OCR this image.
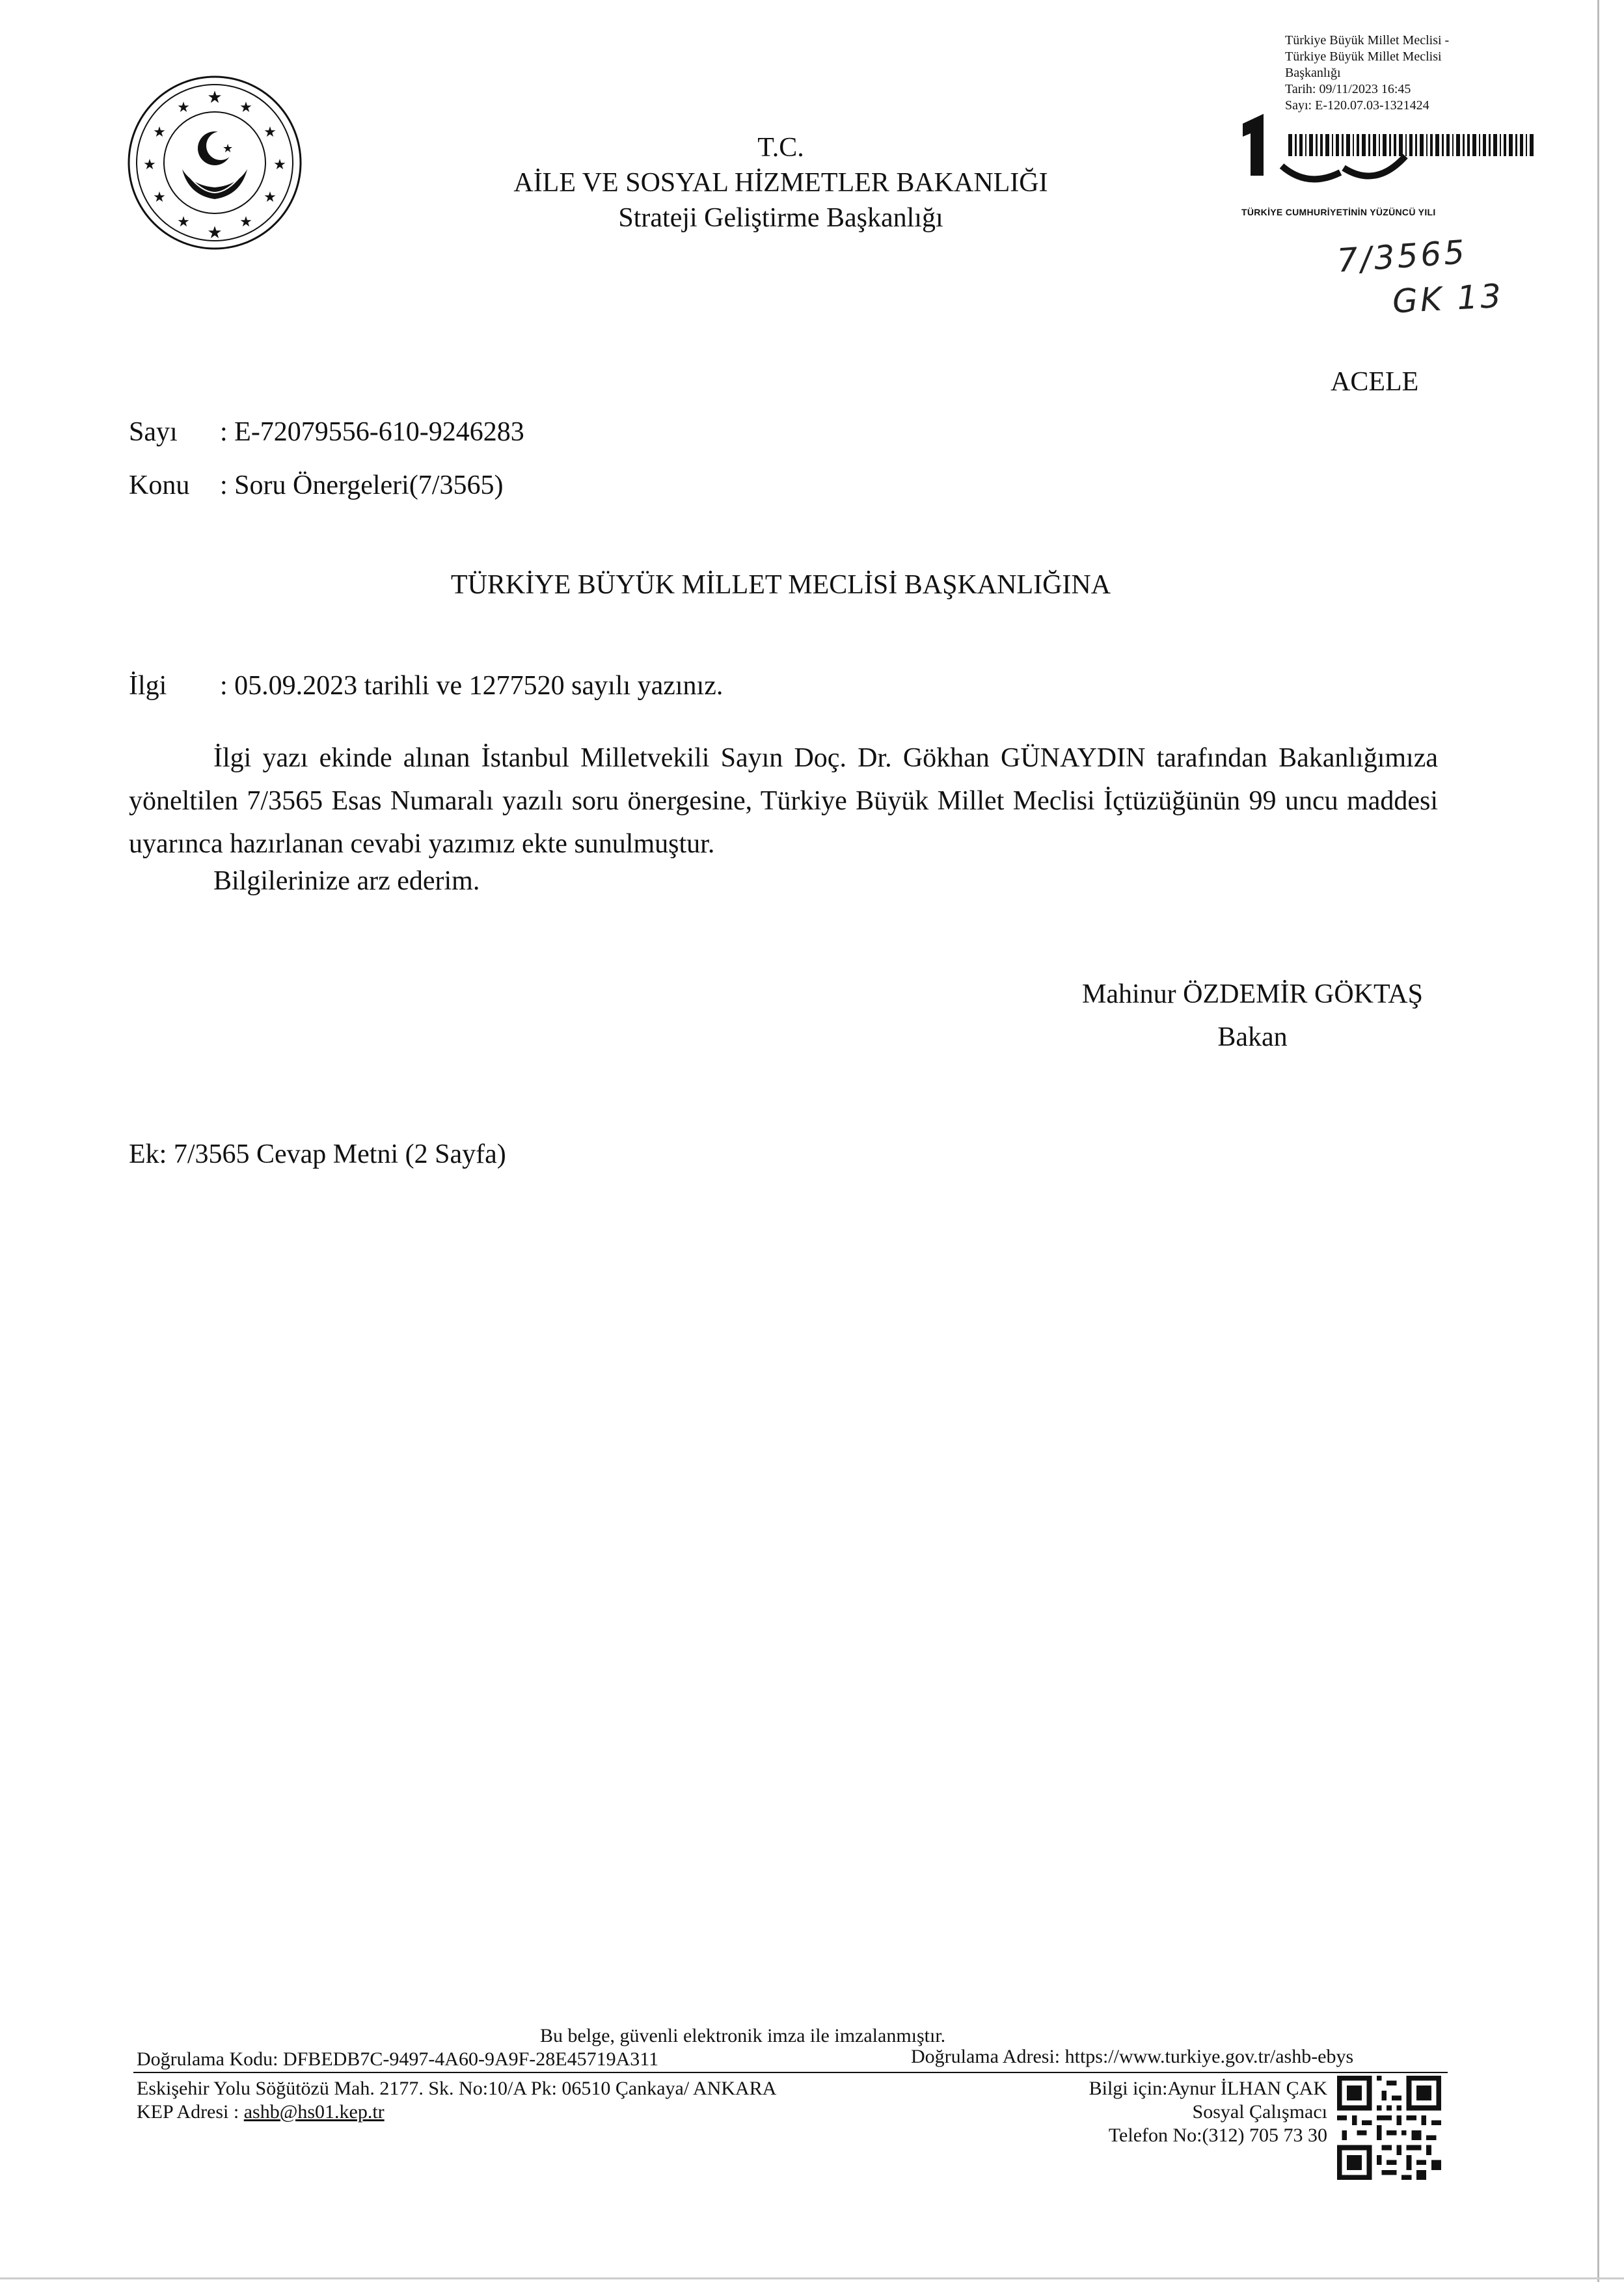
★
★	★
★	★
★	★
★	★
★	★
★
★	T.C.
AİLE VE SOSYAL HİZMETLER BAKANLIĞI
Strateji Geliştirme Başkanlığı
Türkiye Büyük Millet Meclisi -
Türkiye Büyük Millet Meclisi
Başkanlığı
Tarih: 09/11/2023 16:45
Sayı: E-120.07.03-1321424
TÜRKİYE CUMHURİYETİNİN YÜZÜNCÜ YILI
7/3565
GK 13
ACELE
Sayı : E-72079556-610-9246283
Konu : Soru Önergeleri(7/3565)
TÜRKİYE BÜYÜK MİLLET MECLİSİ BAŞKANLIĞINA
İlgi : 05.09.2023 tarihli ve 1277520 sayılı yazınız.

İlgi yazı ekinde alınan İstanbul Milletvekili Sayın Doç. Dr. Gökhan GÜNAYDIN tarafından Bakanlığımıza yöneltilen 7/3565 Esas Numaralı yazılı soru önergesine, Türkiye Büyük Millet Meclisi İçtüzüğünün 99 uncu maddesi uyarınca hazırlanan cevabi yazımız ekte sunulmuştur.

Bilgilerinize arz ederim.
Mahinur ÖZDEMİR GÖKTAŞ
Bakan
Ek: 7/3565 Cevap Metni (2 Sayfa)
Bu belge, güvenli elektronik imza ile imzalanmıştır.
Doğrulama Kodu: DFBEDB7C-9497-4A60-9A9F-28E45719A311	Doğrulama Adresi: https://www.turkiye.gov.tr/ashb-ebys
Eskişehir Yolu Söğütözü Mah. 2177. Sk. No:10/A Pk: 06510 Çankaya/ ANKARA
KEP Adresi : ashb@hs01.kep.tr
Bilgi için:Aynur İLHAN ÇAK
Sosyal Çalışmacı
Telefon No:(312) 705 73 30
